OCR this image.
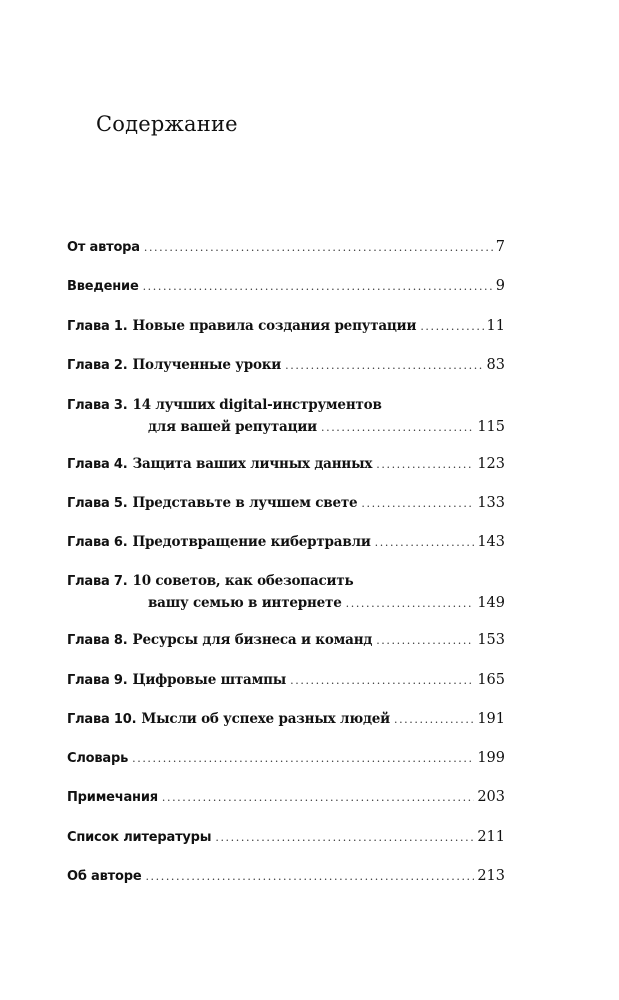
Содержание
От автора .....	7
Введение .....	9
Глава 1. Новые правила создания репутации .....	11
Глава 2. Полученные уроки .....	83
Глава 3. 14 лучших digital-инструментов
для вашей репутации .....	115
Глава 4. Защита ваших личных данных .....	123
Глава 5. Представьте в лучшем свете .....	133
Глава 6. Предотвращение кибертравли .....	143
Глава 7. 10 советов, как обезопасить
вашу семью в интернете .....	149
Глава 8. Ресурсы для бизнеса и команд .....	153
Глава 9. Цифровые штампы .....	165
Глава 10. Мысли об успехе разных людей .....	191
Словарь .....	199
Примечания .....	203
Список литературы .....	211
Об авторе .....	213
